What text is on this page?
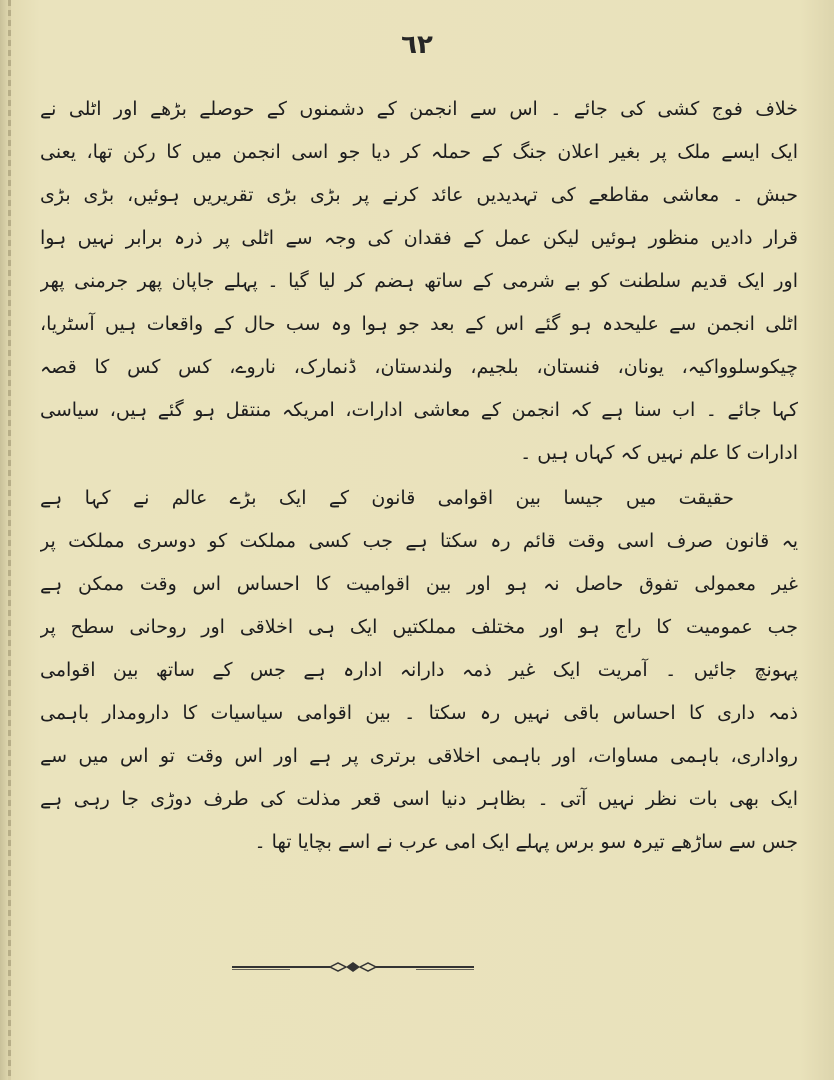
٦٢
خلاف فوج کشی کی جائے ۔ اس سے انجمن کے دشمنوں کے حوصلے بڑھے اور اٹلی نے
ایک ایسے ملک پر بغیر اعلان جنگ کے حملہ کر دیا جو اسی انجمن میں کا رکن تھا، یعنی
حبش ۔ معاشی مقاطعے کی تہدیدیں عائد کرنے پر بڑی بڑی تقریریں ہوئیں، بڑی بڑی
قرار دادیں منظور ہوئیں لیکن عمل کے فقدان کی وجہ سے اٹلی پر ذرہ برابر نہیں ہوا
اور ایک قدیم سلطنت کو بے شرمی کے ساتھ ہضم کر لیا گیا ۔ پہلے جاپان پھر جرمنی پھر
اٹلی انجمن سے علیحدہ ہو گئے اس کے بعد جو ہوا وہ سب حال کے واقعات ہیں آسٹریا،
چیکوسلوواکیہ، یونان، فنستان، بلجیم، ولندستان، ڈنمارک، ناروے، کس کس کا قصہ
کہا جائے ۔ اب سنا ہے کہ انجمن کے معاشی ادارات، امریکہ منتقل ہو گئے ہیں، سیاسی
ادارات کا علم نہیں کہ کہاں ہیں ۔
حقیقت میں جیسا بین اقوامی قانون کے ایک بڑے عالم نے کہا ہے
یہ قانون صرف اسی وقت قائم رہ سکتا ہے جب کسی مملکت کو دوسری مملکت پر
غیر معمولی تفوق حاصل نہ ہو اور بین اقوامیت کا احساس اس وقت ممکن ہے
جب عمومیت کا راج ہو اور مختلف مملکتیں ایک ہی اخلاقی اور روحانی سطح پر
پہونچ جائیں ۔ آمریت ایک غیر ذمہ دارانہ ادارہ ہے جس کے ساتھ بین اقوامی
ذمہ داری کا احساس باقی نہیں رہ سکتا ۔ بین اقوامی سیاسیات کا دارومدار باہمی
رواداری، باہمی مساوات، اور باہمی اخلاقی برتری پر ہے اور اس وقت تو اس میں سے
ایک بھی بات نظر نہیں آتی ۔ بظاہر دنیا اسی قعر مذلت کی طرف دوڑی جا رہی ہے
جس سے ساڑھے تیرہ سو برس پہلے ایک امی عرب نے اسے بچایا تھا ۔
